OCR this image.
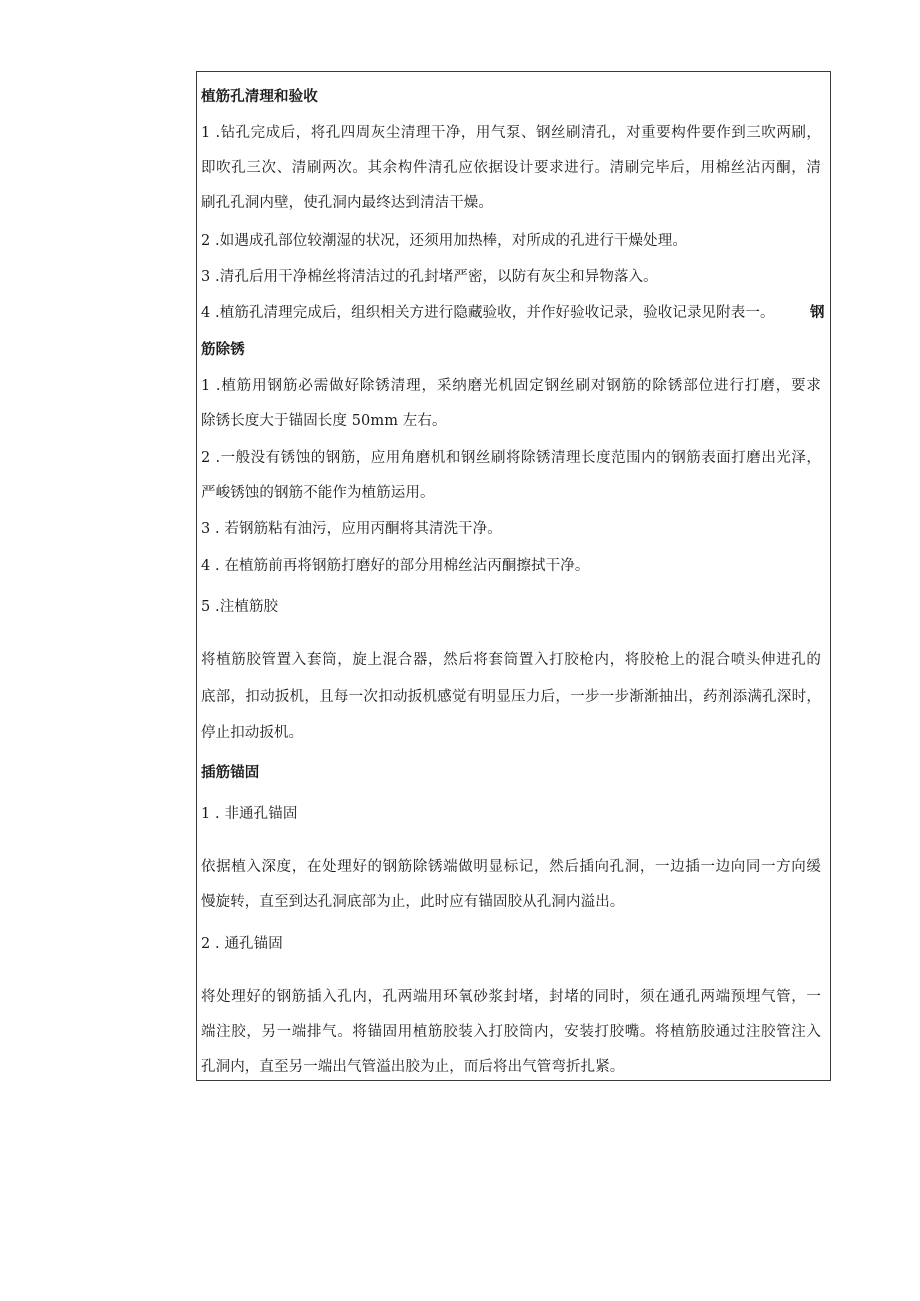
植筋孔清理和验收
1 .钻孔完成后，将孔四周灰尘清理干净，用气泵、钢丝刷清孔，对重要构件要作到三吹两刷，
即吹孔三次、清刷两次。其余构件清孔应依据设计要求进行。清刷完毕后，用棉丝沾丙酮，清
刷孔孔洞内壁，使孔洞内最终达到清洁干燥。
2 .如遇成孔部位较潮湿的状况，还须用加热棒，对所成的孔进行干燥处理。
3 .清孔后用干净棉丝将清洁过的孔封堵严密，以防有灰尘和异物落入。
4 .植筋孔清理完成后，组织相关方进行隐藏验收，并作好验收记录，验收记录见附表一。 钢
筋除锈
1 .植筋用钢筋必需做好除锈清理，采纳磨光机固定钢丝刷对钢筋的除锈部位进行打磨，要求
除锈长度大于锚固长度 50mm 左右。
2 .一般没有锈蚀的钢筋，应用角磨机和钢丝刷将除锈清理长度范围内的钢筋表面打磨出光泽，
严峻锈蚀的钢筋不能作为植筋运用。
3 . 若钢筋粘有油污，应用丙酮将其清洗干净。
4 . 在植筋前再将钢筋打磨好的部分用棉丝沾丙酮擦拭干净。
5 .注植筋胶
将植筋胶管置入套筒，旋上混合器，然后将套筒置入打胶枪内，将胶枪上的混合喷头伸进孔的
底部，扣动扳机，且每一次扣动扳机感觉有明显压力后，一步一步渐渐抽出，药剂添满孔深时，
停止扣动扳机。
插筋锚固
1 . 非通孔锚固
依据植入深度，在处理好的钢筋除锈端做明显标记，然后插向孔洞，一边插一边向同一方向缓
慢旋转，直至到达孔洞底部为止，此时应有锚固胶从孔洞内溢出。
2 . 通孔锚固
将处理好的钢筋插入孔内，孔两端用环氧砂浆封堵，封堵的同时，须在通孔两端预埋气管，一
端注胶，另一端排气。将锚固用植筋胶装入打胶筒内，安装打胶嘴。将植筋胶通过注胶管注入
孔洞内，直至另一端出气管溢出胶为止，而后将出气管弯折扎紧。
